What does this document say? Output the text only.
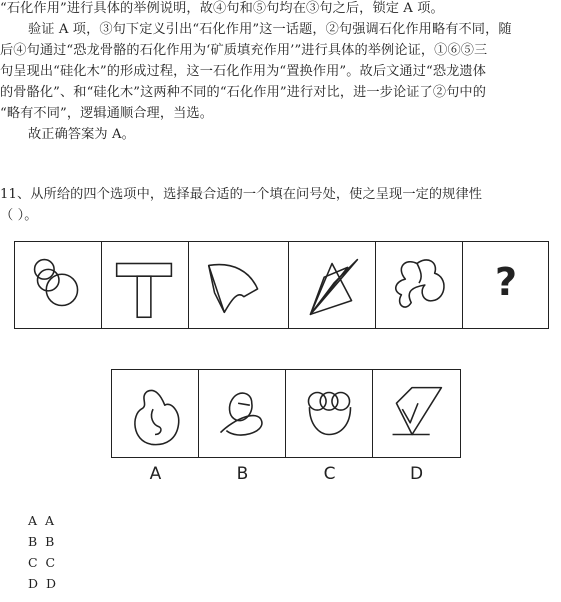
“石化作用”进行具体的举例说明，故④句和⑤句均在③句之后，锁定 A 项。
验证 A 项，③句下定义引出“石化作用”这一话题，②句强调石化作用略有不同，随
后④句通过“恐龙骨骼的石化作用为‘矿质填充作用’”进行具体的举例论证，①⑥⑤三
句呈现出“硅化木”的形成过程，这一石化作用为“置换作用”。故后文通过“恐龙遗体
的骨骼化”、和“硅化木”这两种不同的“石化作用”进行对比，进一步论证了②句中的
“略有不同”，逻辑通顺合理，当选。
故正确答案为 A。
11、从所给的四个选项中，选择最合适的一个填在问号处，使之呈现一定的规律性
（ ）。
?
A	B	C	D
A A
B B
C C
D D
